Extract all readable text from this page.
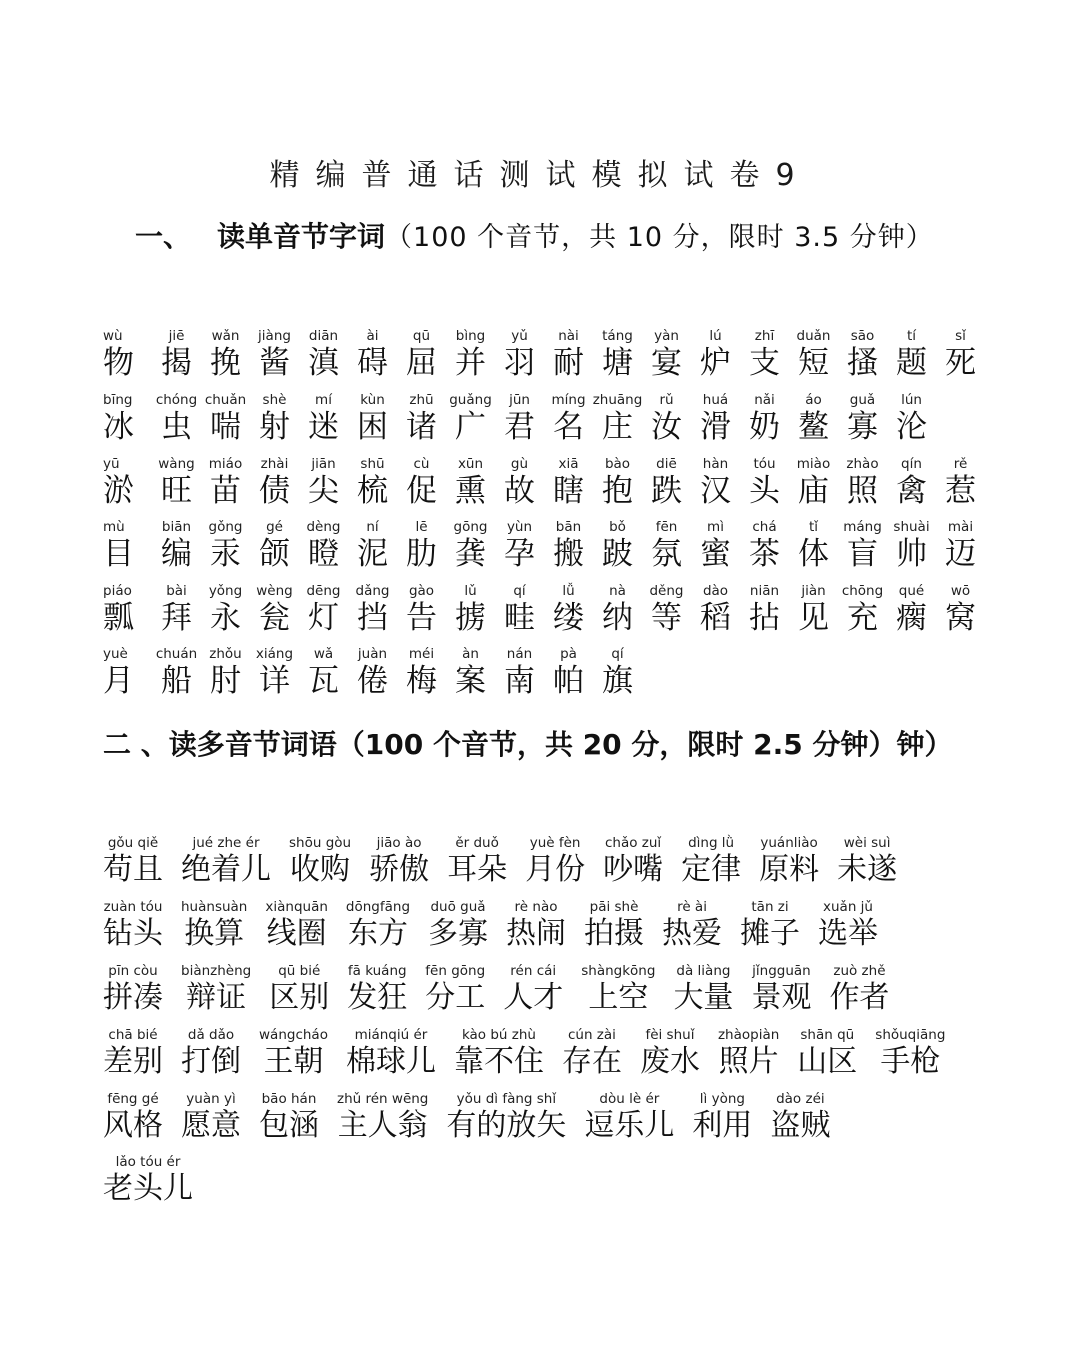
精编普通话测试模拟试卷9
一、 读单音节字词（100 个音节，共 10 分，限时 3.5 分钟）
wù
物
jiē
揭
wǎn
挽
jiàng
酱
diān
滇
ài
碍
qū
屈
bìng
并
yǔ
羽
nài
耐
táng
塘
yàn
宴
lú
炉
zhī
支
duǎn
短
sāo
搔
tí
题
sǐ
死
bīng
冰
chóng
虫
chuǎn
喘
shè
射
mí
迷
kùn
困
zhū
诸
guǎng
广
jūn
君
míng
名
zhuāng
庄
rǔ
汝
huá
滑
nǎi
奶
áo
鳌
guǎ
寡
lún
沦
yū
淤
wàng
旺
miáo
苗
zhài
债
jiān
尖
shū
梳
cù
促
xūn
熏
gù
故
xiā
瞎
bào
抱
diē
跌
hàn
汉
tóu
头
miào
庙
zhào
照
qín
禽
rě
惹
mù
目
biān
编
gǒng
汞
gé
颌
dèng
瞪
ní
泥
lē
肋
gōng
龚
yùn
孕
bān
搬
bǒ
跛
fēn
氛
mì
蜜
chá
茶
tǐ
体
máng
盲
shuài
帅
mài
迈
piáo
瓢
bài
拜
yǒng
永
wèng
瓮
dēng
灯
dǎng
挡
gào
告
lǔ
掳
qí
畦
lǚ
缕
nà
纳
děng
等
dào
稻
niān
拈
jiàn
见
chōng
充
qué
瘸
wō
窝
yuè
月
chuán
船
zhǒu
肘
xiáng
详
wǎ
瓦
juàn
倦
méi
梅
àn
案
nán
南
pà
帕
qí
旗
二 、读多音节词语（100 个音节，共 20 分，限时 2.5 分钟）钟）
gǒu qiě
苟且
jué zhe ér
绝着儿
shōu gòu
收购
jiāo ào
骄傲
ěr duǒ
耳朵
yuè fèn
月份
chǎo zuǐ
吵嘴
dìng lǜ
定律
yuánliào
原料
wèi suì
未遂
zuàn tóu
钻头
huànsuàn
换算
xiànquān
线圈
dōngfāng
东方
duō guǎ
多寡
rè nào
热闹
pāi shè
拍摄
rè ài
热爱
tān zi
摊子
xuǎn jǔ
选举
pīn còu
拼凑
biànzhèng
辩证
qū bié
区别
fā kuáng
发狂
fēn gōng
分工
rén cái
人才
shàngkōng
上空
dà liàng
大量
jǐngguān
景观
zuò zhě
作者
chā bié
差别
dǎ dǎo
打倒
wángcháo
王朝
miánqiú ér
棉球儿
kào bú zhù
靠不住
cún zài
存在
fèi shuǐ
废水
zhàopiàn
照片
shān qū
山区
shǒuqiāng
手枪
fēng gé
风格
yuàn yì
愿意
bāo hán
包涵
zhǔ rén wēng
主人翁
yǒu dì fàng shǐ
有的放矢
dòu lè ér
逗乐儿
lì yòng
利用
dào zéi
盗贼
lǎo tóu ér
老头儿
